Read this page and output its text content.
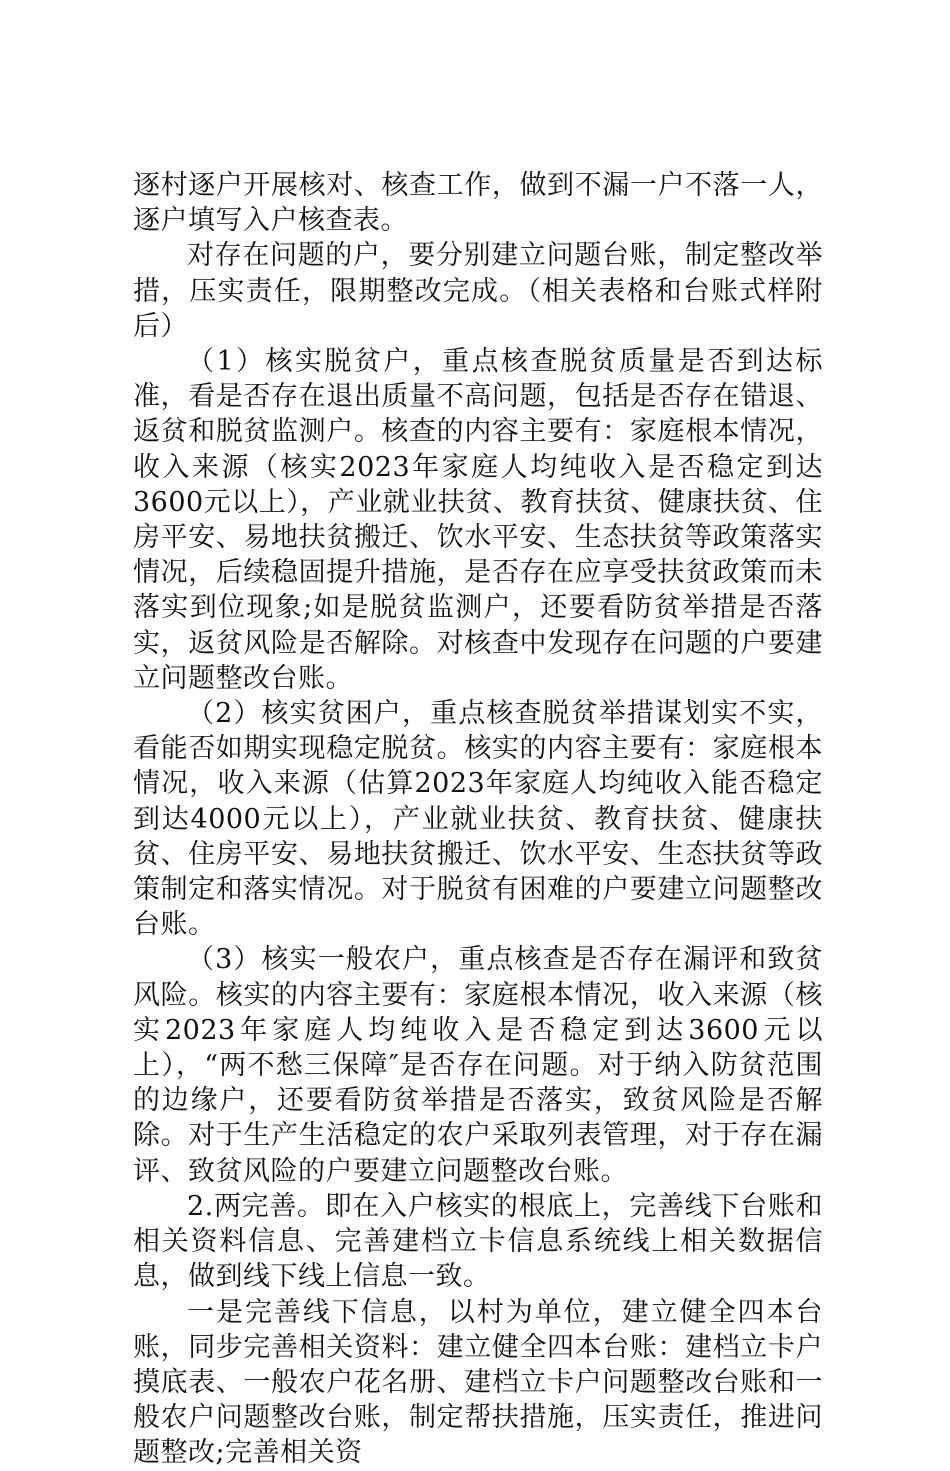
逐村逐户开展核对、核查工作，做到不漏一户不落一人，逐户填写入户核查表。

对存在问题的户，要分别建立问题台账，制定整改举措，压实责任，限期整改完成。（相关表格和台账式样附后）

（1）核实脱贫户，重点核查脱贫质量是否到达标准，看是否存在退出质量不高问题，包括是否存在错退、返贫和脱贫监测户。核查的内容主要有：家庭根本情况，收入来源（核实2023年家庭人均纯收入是否稳定到达3600元以上），产业就业扶贫、教育扶贫、健康扶贫、住房平安、易地扶贫搬迁、饮水平安、生态扶贫等政策落实情况，后续稳固提升措施，是否存在应享受扶贫政策而未落实到位现象;如是脱贫监测户，还要看防贫举措是否落实，返贫风险是否解除。对核查中发现存在问题的户要建立问题整改台账。

（2）核实贫困户，重点核查脱贫举措谋划实不实，看能否如期实现稳定脱贫。核实的内容主要有：家庭根本情况，收入来源（估算2023年家庭人均纯收入能否稳定到达4000元以上），产业就业扶贫、教育扶贫、健康扶贫、住房平安、易地扶贫搬迁、饮水平安、生态扶贫等政策制定和落实情况。对于脱贫有困难的户要建立问题整改台账。

（3）核实一般农户，重点核查是否存在漏评和致贫风险。核实的内容主要有：家庭根本情况，收入来源（核实2023年家庭人均纯收入是否稳定到达3600元以上），“两不愁三保障″是否存在问题。对于纳入防贫范围的边缘户，还要看防贫举措是否落实，致贫风险是否解除。对于生产生活稳定的农户采取列表管理，对于存在漏评、致贫风险的户要建立问题整改台账。

2.两完善。即在入户核实的根底上，完善线下台账和相关资料信息、完善建档立卡信息系统线上相关数据信息，做到线下线上信息一致。

一是完善线下信息，以村为单位，建立健全四本台账，同步完善相关资料：建立健全四本台账：建档立卡户摸底表、一般农户花名册、建档立卡户问题整改台账和一般农户问题整改台账，制定帮扶措施，压实责任，推进问题整改;完善相关资
